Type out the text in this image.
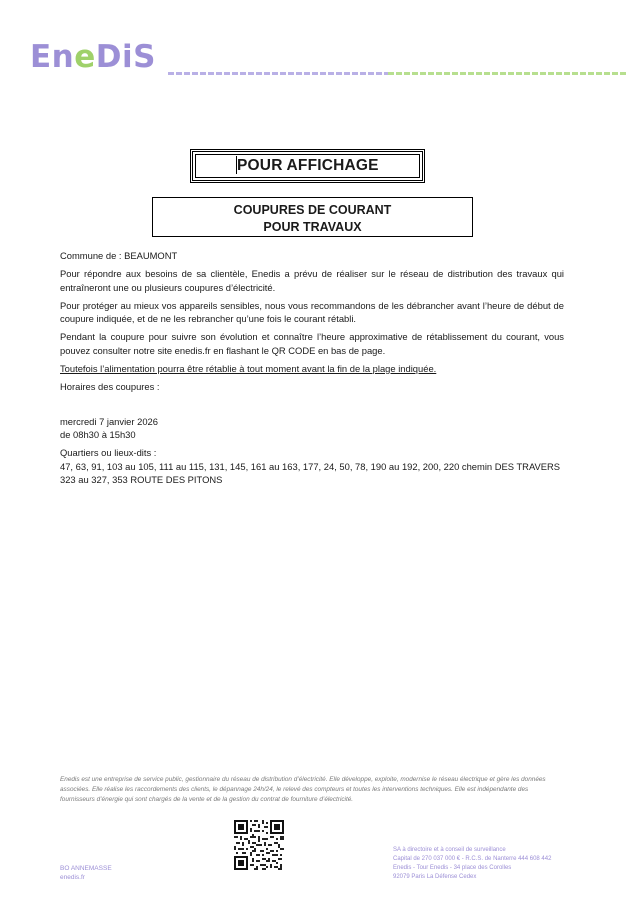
EneDiS
POUR AFFICHAGE
COUPURES DE COURANT
POUR TRAVAUX

Commune de : BEAUMONT

Pour répondre aux besoins de sa clientèle, Enedis a prévu de réaliser sur le réseau de distribution des travaux qui entraîneront une ou plusieurs coupures d’électricité.

Pour protéger au mieux vos appareils sensibles, nous vous recommandons de les débrancher avant l’heure de début de coupure indiquée, et de ne les rebrancher qu’une fois le courant rétabli.

Pendant la coupure pour suivre son évolution et connaître l’heure approximative de rétablissement du courant, vous pouvez consulter notre site enedis.fr en flashant le QR CODE en bas de page.

Toutefois l’alimentation pourra être rétablie à tout moment avant la fin de la plage indiquée.

Horaires des coupures :

mercredi 7 janvier 2026

de 08h30 à 15h30

Quartiers ou lieux-dits :

47, 63, 91, 103 au 105, 111 au 115, 131, 145, 161 au 163, 177, 24, 50, 78, 190 au 192, 200, 220 chemin DES TRAVERS

323 au 327, 353 ROUTE DES PITONS

Enedis est une entreprise de service public, gestionnaire du réseau de distribution d’électricité. Elle développe, exploite, modernise le réseau électrique et gère les données
associées. Elle réalise les raccordements des clients, le dépannage 24h/24, le relevé des compteurs et toutes les interventions techniques. Elle est indépendante des
fournisseurs d’énergie qui sont chargés de la vente et de la gestion du contrat de fourniture d’électricité.
BO ANNEMASSE
enedis.fr
SA à directoire et à conseil de surveillance
Capital de 270 037 000 € - R.C.S. de Nanterre 444 608 442
Enedis - Tour Enedis - 34 place des Corolles
92079 Paris La Défense Cedex
